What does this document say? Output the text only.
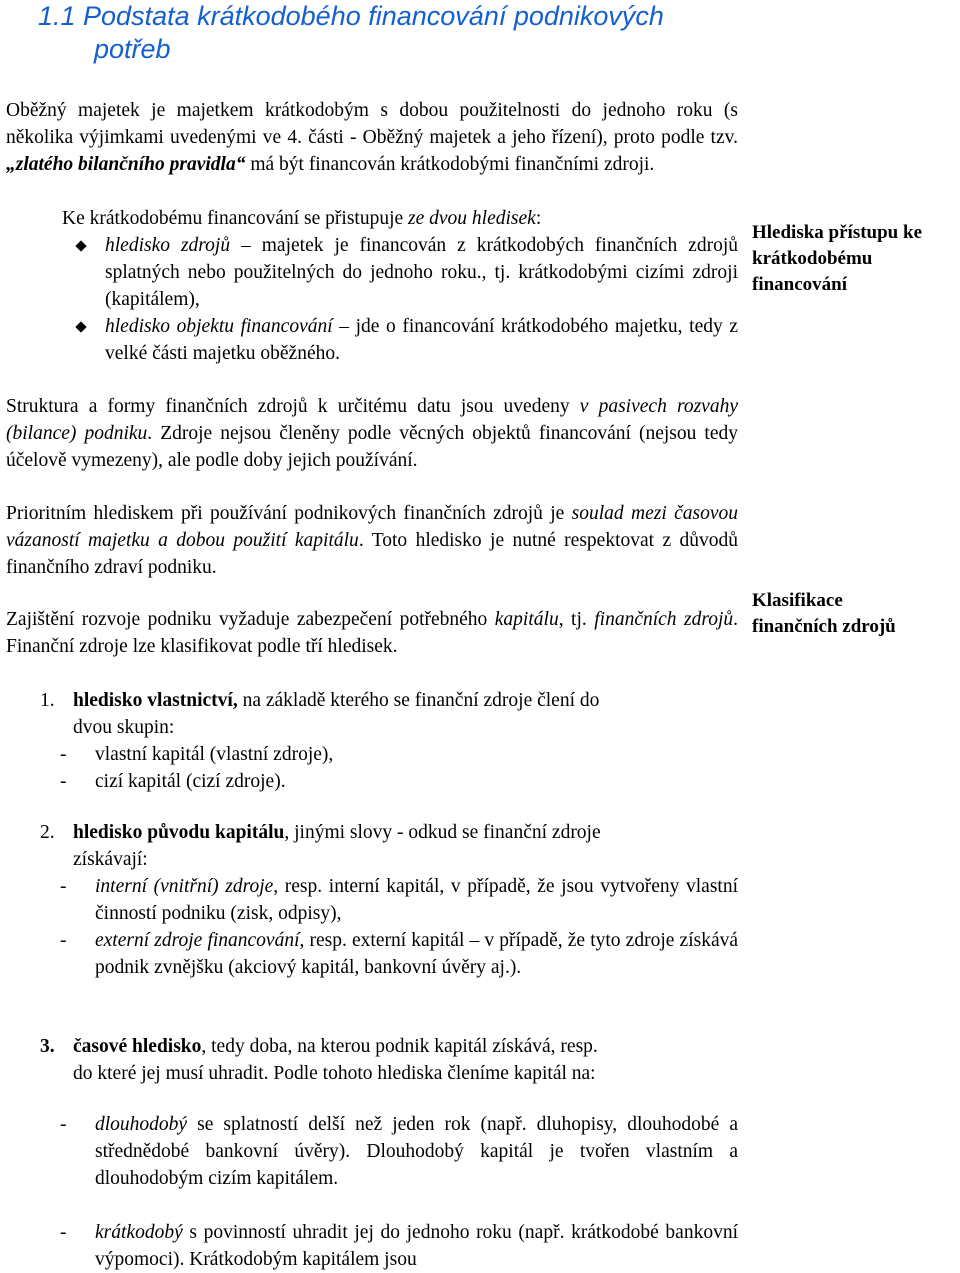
1.1 Podstata krátkodobého financování podnikových
potřeb

Oběžný majetek je majetkem krátkodobým s dobou použitelnosti do jednoho roku (s několika výjimkami uvedenými ve 4. části - Oběžný majetek a jeho řízení), proto podle tzv. „zlatého bilančního pravidla“ má být financován krátkodobými finančními zdroji.

Ke krátkodobému financování se přistupuje ze dvou hledisek:

hledisko zdrojů – majetek je financován z krátkodobých finančních zdrojů splatných nebo použitelných do jednoho roku., tj. krátkodobými cizími zdroji (kapitálem),
hledisko objektu financování – jde o financování krátkodobého majetku, tedy z velké části majetku oběžného.

Hlediska přístupu ke
krátkodobému
financování

Struktura a formy finančních zdrojů k určitému datu jsou uvedeny v pasivech rozvahy (bilance) podniku. Zdroje nejsou členěny podle věcných objektů financování (nejsou tedy účelově vymezeny), ale podle doby jejich používání.

Prioritním hlediskem při používání podnikových finančních zdrojů je soulad mezi časovou vázaností majetku a dobou použití kapitálu. Toto hledisko je nutné respektovat z důvodů finančního zdraví podniku.

Zajištění rozvoje podniku vyžaduje zabezpečení potřebného kapitálu, tj. finančních zdrojů. Finanční zdroje lze klasifikovat podle tří hledisek.

Klasifikace
finančních zdrojů

1. hledisko vlastnictví, na základě kterého se finanční zdroje člení do
dvou skupin:
- vlastní kapitál (vlastní zdroje),
- cizí kapitál (cizí zdroje).
2. hledisko původu kapitálu, jinými slovy - odkud se finanční zdroje
získávají:
- interní (vnitřní) zdroje, resp. interní kapitál, v případě, že jsou vytvořeny vlastní činností podniku (zisk, odpisy),
- externí zdroje financování, resp. externí kapitál – v případě, že tyto zdroje získává podnik zvnějšku (akciový kapitál, bankovní úvěry aj.).
3. časové hledisko, tedy doba, na kterou podnik kapitál získává, resp.
do které jej musí uhradit. Podle tohoto hlediska členíme kapitál na:
- dlouhodobý se splatností delší než jeden rok (např. dluhopisy, dlouhodobé a střednědobé bankovní úvěry). Dlouhodobý kapitál je tvořen vlastním a dlouhodobým cizím kapitálem.
- krátkodobý s povinností uhradit jej do jednoho roku (např. krátkodobé bankovní výpomoci). Krátkodobým kapitálem jsou
